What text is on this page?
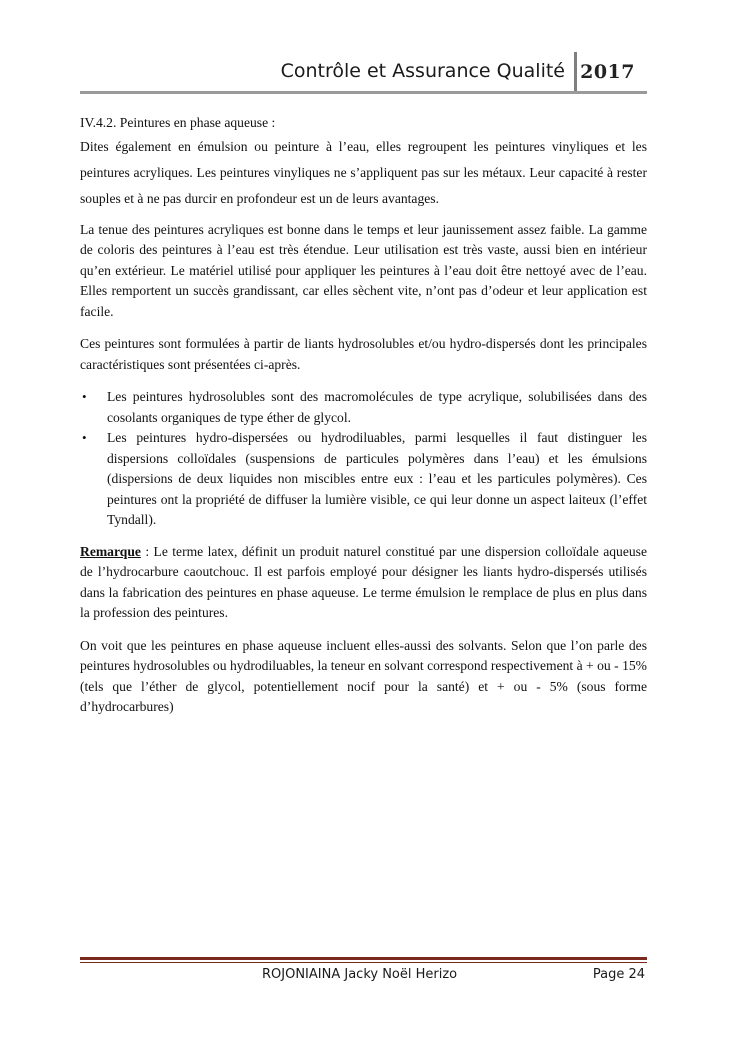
Contrôle et Assurance Qualité 2017

IV.4.2. Peintures en phase aqueuse :

Dites également en émulsion ou peinture à l’eau, elles regroupent les peintures vinyliques et les peintures acryliques. Les peintures vinyliques ne s’appliquent pas sur les métaux. Leur capacité à rester souples et à ne pas durcir en profondeur est un de leurs avantages.

La tenue des peintures acryliques est bonne dans le temps et leur jaunissement assez faible. La gamme de coloris des peintures à l’eau est très étendue. Leur utilisation est très vaste, aussi bien en intérieur qu’en extérieur. Le matériel utilisé pour appliquer les peintures à l’eau doit être nettoyé avec de l’eau. Elles remportent un succès grandissant, car elles sèchent vite, n’ont pas d’odeur et leur application est facile.

Ces peintures sont formulées à partir de liants hydrosolubles et/ou hydro-dispersés dont les principales caractéristiques sont présentées ci-après.

• Les peintures hydrosolubles sont des macromolécules de type acrylique, solubilisées dans des cosolants organiques de type éther de glycol.
• Les peintures hydro-dispersées ou hydrodiluables, parmi lesquelles il faut distinguer les dispersions colloïdales (suspensions de particules polymères dans l’eau) et les émulsions (dispersions de deux liquides non miscibles entre eux : l’eau et les particules polymères). Ces peintures ont la propriété de diffuser la lumière visible, ce qui leur donne un aspect laiteux (l’effet Tyndall).

Remarque : Le terme latex, définit un produit naturel constitué par une dispersion colloïdale aqueuse de l’hydrocarbure caoutchouc. Il est parfois employé pour désigner les liants hydro-dispersés utilisés dans la fabrication des peintures en phase aqueuse. Le terme émulsion le remplace de plus en plus dans la profession des peintures.

On voit que les peintures en phase aqueuse incluent elles-aussi des solvants. Selon que l’on parle des peintures hydrosolubles ou hydrodiluables, la teneur en solvant correspond respectivement à + ou - 15% (tels que l’éther de glycol, potentiellement nocif pour la santé) et + ou - 5% (sous forme d’hydrocarbures)

ROJONIAINA Jacky Noël Herizo	Page 24
